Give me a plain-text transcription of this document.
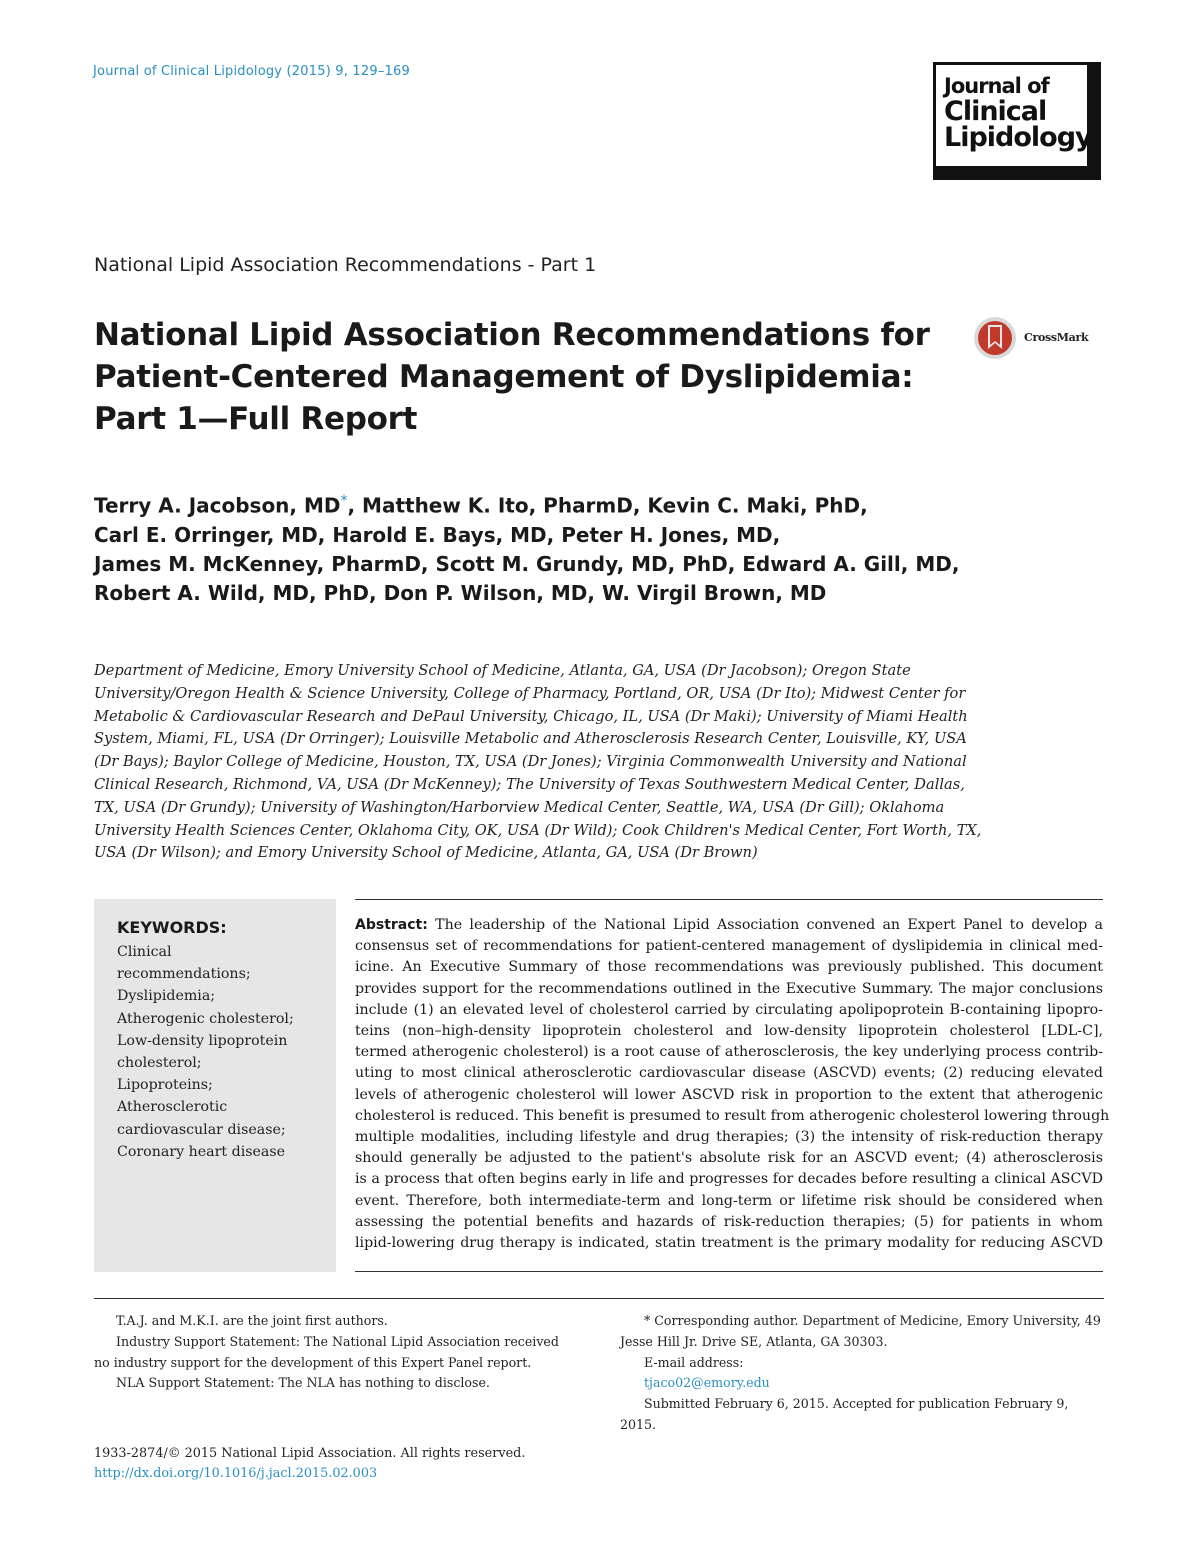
Journal of Clinical Lipidology (2015) 9, 129–169
Journal of
Clinical
Lipidology
National Lipid Association Recommendations - Part 1
National Lipid Association Recommendations for
Patient-Centered Management of Dyslipidemia:
Part 1—Full Report
CrossMark
Terry A. Jacobson, MD*, Matthew K. Ito, PharmD, Kevin C. Maki, PhD,
Carl E. Orringer, MD, Harold E. Bays, MD, Peter H. Jones, MD,
James M. McKenney, PharmD, Scott M. Grundy, MD, PhD, Edward A. Gill, MD,
Robert A. Wild, MD, PhD, Don P. Wilson, MD, W. Virgil Brown, MD
Department of Medicine, Emory University School of Medicine, Atlanta, GA, USA (Dr Jacobson); Oregon State
University/Oregon Health & Science University, College of Pharmacy, Portland, OR, USA (Dr Ito); Midwest Center for
Metabolic & Cardiovascular Research and DePaul University, Chicago, IL, USA (Dr Maki); University of Miami Health
System, Miami, FL, USA (Dr Orringer); Louisville Metabolic and Atherosclerosis Research Center, Louisville, KY, USA
(Dr Bays); Baylor College of Medicine, Houston, TX, USA (Dr Jones); Virginia Commonwealth University and National
Clinical Research, Richmond, VA, USA (Dr McKenney); The University of Texas Southwestern Medical Center, Dallas,
TX, USA (Dr Grundy); University of Washington/Harborview Medical Center, Seattle, WA, USA (Dr Gill); Oklahoma
University Health Sciences Center, Oklahoma City, OK, USA (Dr Wild); Cook Children's Medical Center, Fort Worth, TX,
USA (Dr Wilson); and Emory University School of Medicine, Atlanta, GA, USA (Dr Brown)
KEYWORDS:
Clinical
recommendations;
Dyslipidemia;
Atherogenic cholesterol;
Low-density lipoprotein
cholesterol;
Lipoproteins;
Atherosclerotic
cardiovascular disease;
Coronary heart disease
Abstract: The leadership of the National Lipid Association convened an Expert Panel to develop a
consensus set of recommendations for patient-centered management of dyslipidemia in clinical med-
icine. An Executive Summary of those recommendations was previously published. This document
provides support for the recommendations outlined in the Executive Summary. The major conclusions
include (1) an elevated level of cholesterol carried by circulating apolipoprotein B-containing lipopro-
teins (non–high-density lipoprotein cholesterol and low-density lipoprotein cholesterol [LDL-C],
termed atherogenic cholesterol) is a root cause of atherosclerosis, the key underlying process contrib-
uting to most clinical atherosclerotic cardiovascular disease (ASCVD) events; (2) reducing elevated
levels of atherogenic cholesterol will lower ASCVD risk in proportion to the extent that atherogenic
cholesterol is reduced. This benefit is presumed to result from atherogenic cholesterol lowering through
multiple modalities, including lifestyle and drug therapies; (3) the intensity of risk-reduction therapy
should generally be adjusted to the patient's absolute risk for an ASCVD event; (4) atherosclerosis
is a process that often begins early in life and progresses for decades before resulting a clinical ASCVD
event. Therefore, both intermediate-term and long-term or lifetime risk should be considered when
assessing the potential benefits and hazards of risk-reduction therapies; (5) for patients in whom
lipid-lowering drug therapy is indicated, statin treatment is the primary modality for reducing ASCVD
T.A.J. and M.K.I. are the joint first authors.
Industry Support Statement: The National Lipid Association received
no industry support for the development of this Expert Panel report.
NLA Support Statement: The NLA has nothing to disclose.
* Corresponding author. Department of Medicine, Emory University, 49
Jesse Hill Jr. Drive SE, Atlanta, GA 30303.
E-mail address:
tjaco02@emory.edu
Submitted February 6, 2015. Accepted for publication February 9,
2015.
1933-2874/© 2015 National Lipid Association. All rights reserved.
http://dx.doi.org/10.1016/j.jacl.2015.02.003
